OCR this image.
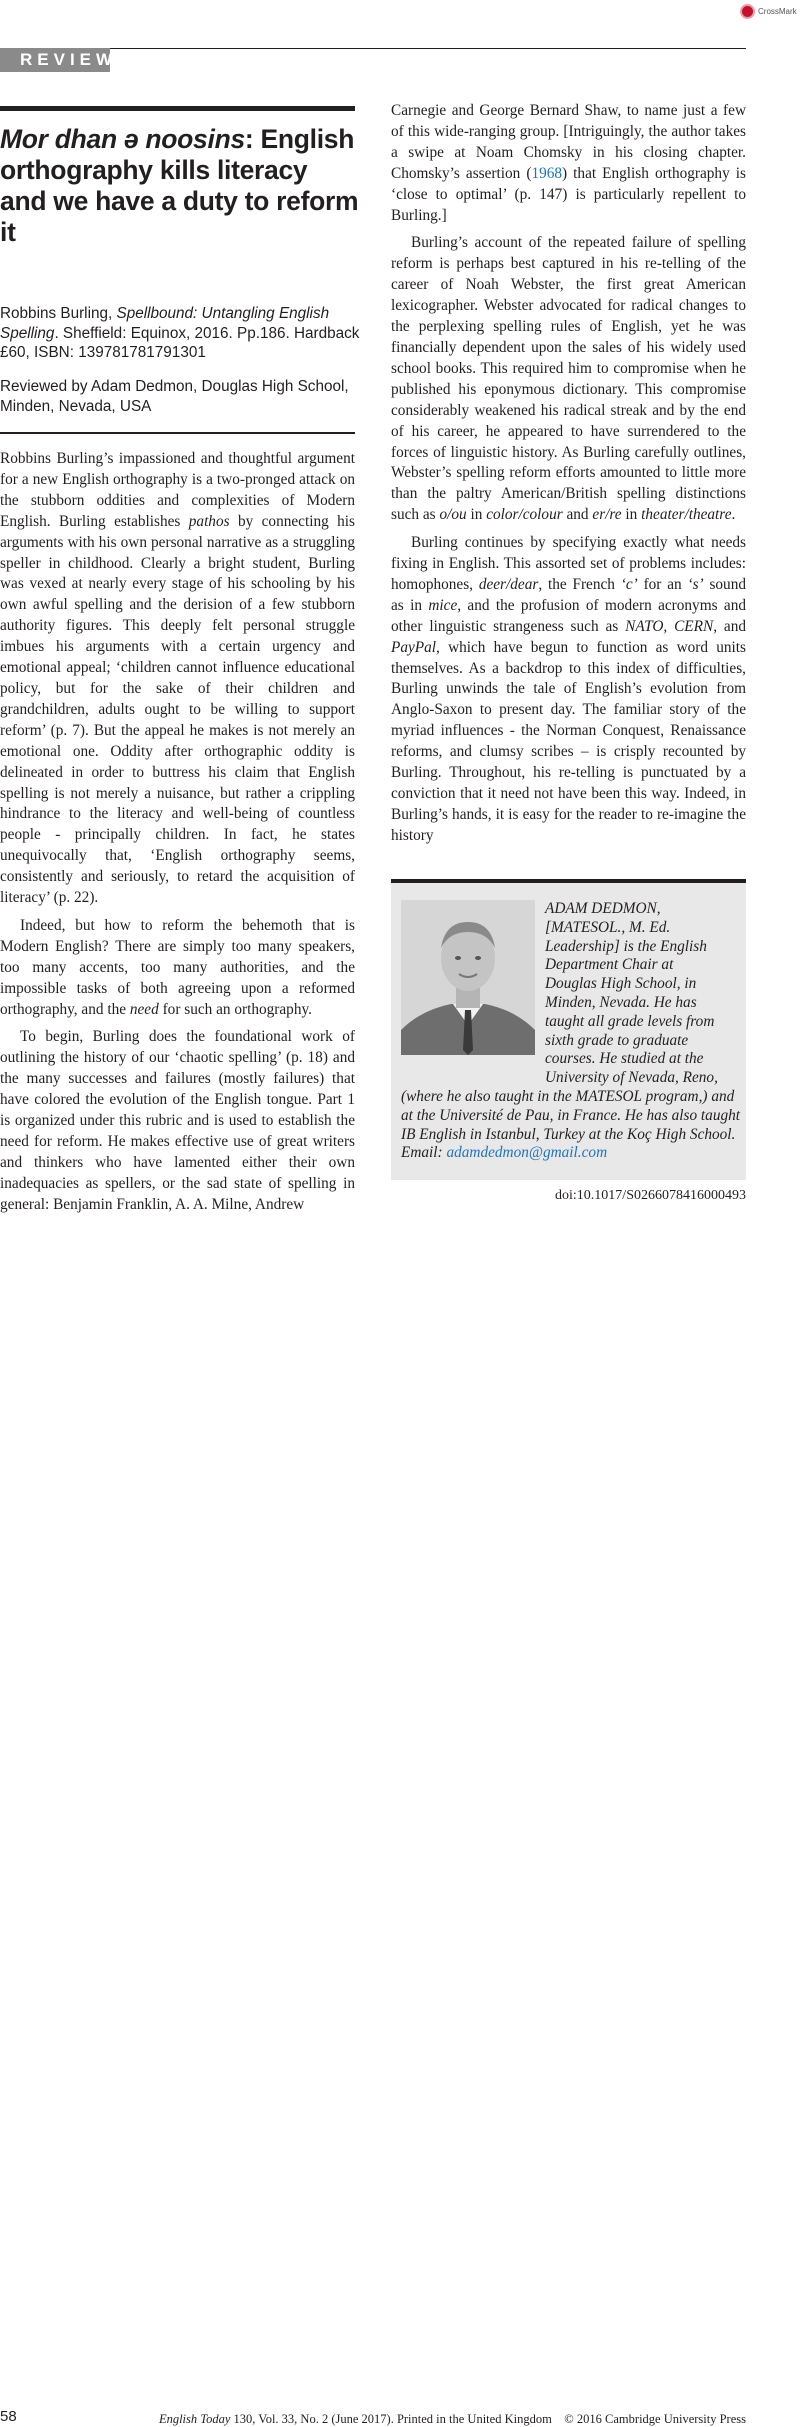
CrossMark
REVIEW
Mor dhan ə noosins: English orthography kills literacy and we have a duty to reform it
Robbins Burling, Spellbound: Untangling English Spelling. Sheffield: Equinox, 2016. Pp.186. Hardback £60, ISBN: 139781781791301
Reviewed by Adam Dedmon, Douglas High School, Minden, Nevada, USA

Robbins Burling’s impassioned and thoughtful argument for a new English orthography is a two-pronged attack on the stubborn oddities and complexities of Modern English. Burling establishes pathos by connecting his arguments with his own personal narrative as a struggling speller in childhood. Clearly a bright student, Burling was vexed at nearly every stage of his schooling by his own awful spelling and the derision of a few stubborn authority figures. This deeply felt personal struggle imbues his arguments with a certain urgency and emotional appeal; ‘children cannot influence educational policy, but for the sake of their children and grandchildren, adults ought to be willing to support reform’ (p. 7). But the appeal he makes is not merely an emotional one. Oddity after orthographic oddity is delineated in order to buttress his claim that English spelling is not merely a nuisance, but rather a crippling hindrance to the literacy and well-being of countless people - principally children. In fact, he states unequivocally that, ‘English orthography seems, consistently and seriously, to retard the acquisition of literacy’ (p. 22).

Indeed, but how to reform the behemoth that is Modern English? There are simply too many speakers, too many accents, too many authorities, and the impossible tasks of both agreeing upon a reformed orthography, and the need for such an orthography.

To begin, Burling does the foundational work of outlining the history of our ‘chaotic spelling’ (p. 18) and the many successes and failures (mostly failures) that have colored the evolution of the English tongue. Part 1 is organized under this rubric and is used to establish the need for reform. He makes effective use of great writers and thinkers who have lamented either their own inadequacies as spellers, or the sad state of spelling in general: Benjamin Franklin, A. A. Milne, Andrew

Carnegie and George Bernard Shaw, to name just a few of this wide-ranging group. [Intriguingly, the author takes a swipe at Noam Chomsky in his closing chapter. Chomsky’s assertion (1968) that English orthography is ‘close to optimal’ (p. 147) is particularly repellent to Burling.]

Burling’s account of the repeated failure of spelling reform is perhaps best captured in his re-telling of the career of Noah Webster, the first great American lexicographer. Webster advocated for radical changes to the perplexing spelling rules of English, yet he was financially dependent upon the sales of his widely used school books. This required him to compromise when he published his eponymous dictionary. This compromise considerably weakened his radical streak and by the end of his career, he appeared to have surrendered to the forces of linguistic history. As Burling carefully outlines, Webster’s spelling reform efforts amounted to little more than the paltry American/British spelling distinctions such as o/ou in color/colour and er/re in theater/theatre.

Burling continues by specifying exactly what needs fixing in English. This assorted set of problems includes: homophones, deer/dear, the French ‘c’ for an ‘s’ sound as in mice, and the profusion of modern acronyms and other linguistic strangeness such as NATO, CERN, and PayPal, which have begun to function as word units themselves. As a backdrop to this index of difficulties, Burling unwinds the tale of English’s evolution from Anglo-Saxon to present day. The familiar story of the myriad influences - the Norman Conquest, Renaissance reforms, and clumsy scribes – is crisply recounted by Burling. Throughout, his re-telling is punctuated by a conviction that it need not have been this way. Indeed, in Burling’s hands, it is easy for the reader to re-imagine the history

ADAM DEDMON,

[MATESOL., M. Ed.

Leadership] is the English

Department Chair at

Douglas High School, in

Minden, Nevada. He has

taught all grade levels from

sixth grade to graduate

courses. He studied at the

University of Nevada, Reno,

(where he also taught in the MATESOL program,) and at the Université de Pau, in France. He has also taught IB English in Istanbul, Turkey at the Koç High School. Email: adamdedmon@gmail.com

doi:10.1017/S0266078416000493
58	English Today 130, Vol. 33, No. 2 (June 2017). Printed in the United Kingdom © 2016 Cambridge University Press
